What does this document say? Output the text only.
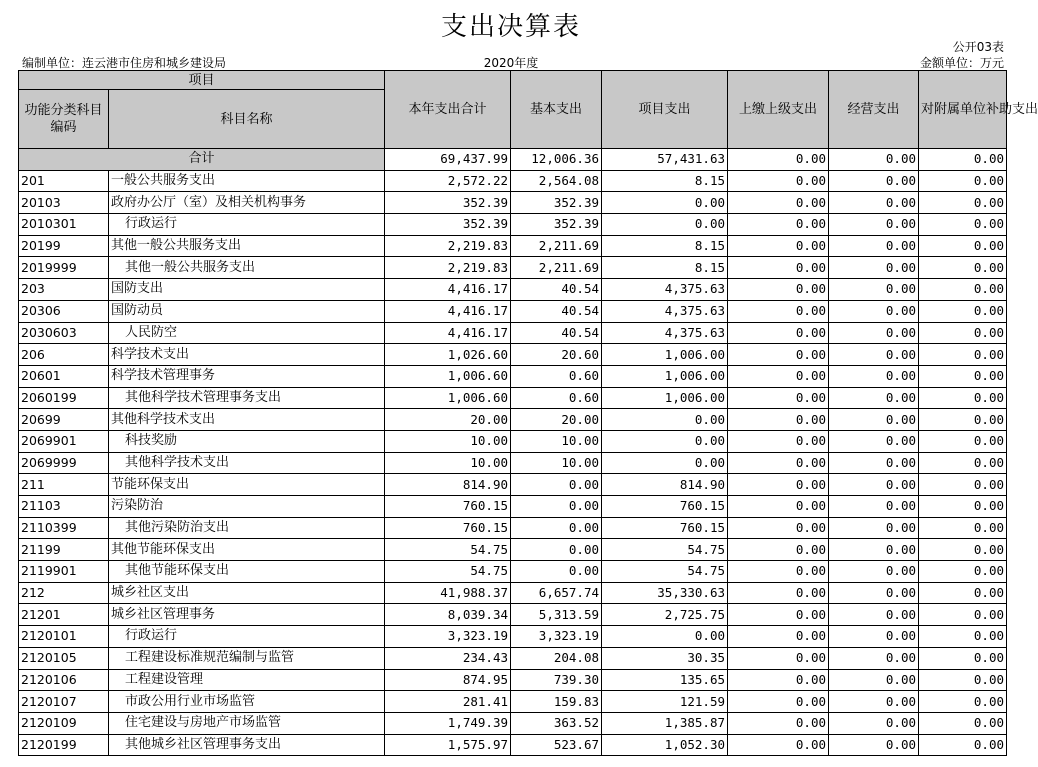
支出决算表
公开03表
编制单位：连云港市住房和城乡建设局	2020年度	金额单位：万元
项目		本年支出合计	基本支出	项目支出	上缴上级支出	经营支出	对附属单位补助支出
功能分类科目编码	科目名称						
合计		69,437.99	12,006.36	57,431.63	0.00	0.00	0.00
201	一般公共服务支出	2,572.22	2,564.08	8.15	0.00	0.00	0.00
20103	政府办公厅（室）及相关机构事务	352.39	352.39	0.00	0.00	0.00	0.00
2010301	行政运行	352.39	352.39	0.00	0.00	0.00	0.00
20199	其他一般公共服务支出	2,219.83	2,211.69	8.15	0.00	0.00	0.00
2019999	其他一般公共服务支出	2,219.83	2,211.69	8.15	0.00	0.00	0.00
203	国防支出	4,416.17	40.54	4,375.63	0.00	0.00	0.00
20306	国防动员	4,416.17	40.54	4,375.63	0.00	0.00	0.00
2030603	人民防空	4,416.17	40.54	4,375.63	0.00	0.00	0.00
206	科学技术支出	1,026.60	20.60	1,006.00	0.00	0.00	0.00
20601	科学技术管理事务	1,006.60	0.60	1,006.00	0.00	0.00	0.00
2060199	其他科学技术管理事务支出	1,006.60	0.60	1,006.00	0.00	0.00	0.00
20699	其他科学技术支出	20.00	20.00	0.00	0.00	0.00	0.00
2069901	科技奖励	10.00	10.00	0.00	0.00	0.00	0.00
2069999	其他科学技术支出	10.00	10.00	0.00	0.00	0.00	0.00
211	节能环保支出	814.90	0.00	814.90	0.00	0.00	0.00
21103	污染防治	760.15	0.00	760.15	0.00	0.00	0.00
2110399	其他污染防治支出	760.15	0.00	760.15	0.00	0.00	0.00
21199	其他节能环保支出	54.75	0.00	54.75	0.00	0.00	0.00
2119901	其他节能环保支出	54.75	0.00	54.75	0.00	0.00	0.00
212	城乡社区支出	41,988.37	6,657.74	35,330.63	0.00	0.00	0.00
21201	城乡社区管理事务	8,039.34	5,313.59	2,725.75	0.00	0.00	0.00
2120101	行政运行	3,323.19	3,323.19	0.00	0.00	0.00	0.00
2120105	工程建设标准规范编制与监管	234.43	204.08	30.35	0.00	0.00	0.00
2120106	工程建设管理	874.95	739.30	135.65	0.00	0.00	0.00
2120107	市政公用行业市场监管	281.41	159.83	121.59	0.00	0.00	0.00
2120109	住宅建设与房地产市场监管	1,749.39	363.52	1,385.87	0.00	0.00	0.00
2120199	其他城乡社区管理事务支出	1,575.97	523.67	1,052.30	0.00	0.00	0.00
